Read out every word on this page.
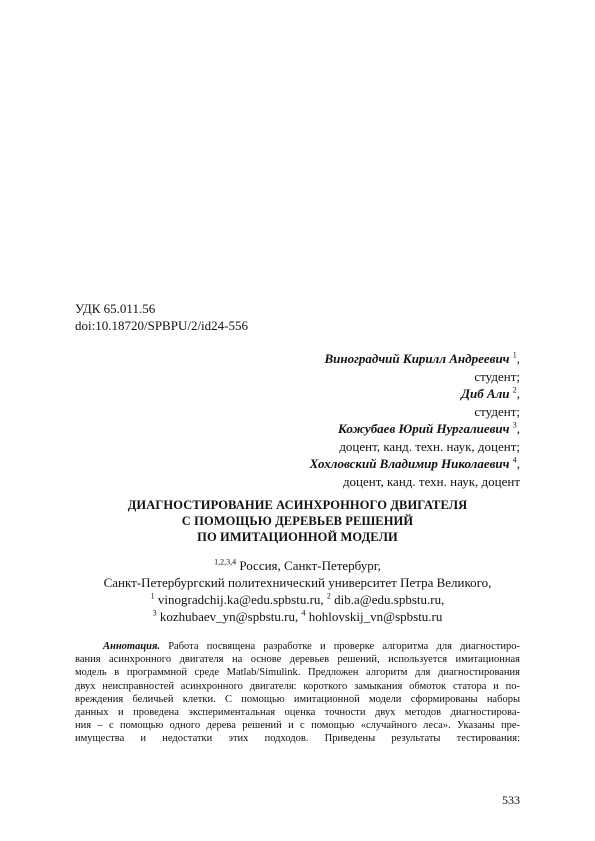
УДК 65.011.56
doi:10.18720/SPBPU/2/id24-556
Виноградчий Кирилл Андреевич $^1$,
студент;
Диб Али $^2$,
студент;
Кожубаев Юрий Нургалиевич $^3$,
доцент, канд. техн. наук, доцент;
Хохловский Владимир Николаевич $^4$,
доцент, канд. техн. наук, доцент
ДИАГНОСТИРОВАНИЕ АСИНХРОННОГО ДВИГАТЕЛЯ
С ПОМОЩЬЮ ДЕРЕВЬЕВ РЕШЕНИЙ
ПО ИМИТАЦИОННОЙ МОДЕЛИ
$^{1,2,3,4}$ Россия, Санкт-Петербург,
Санкт-Петербургский политехнический университет Петра Великого,
$^1$ vinogradchij.ka@edu.spbstu.ru, $^2$ dib.a@edu.spbstu.ru,
$^3$ kozhubaev_yn@spbstu.ru, $^4$ hohlovskij_vn@spbstu.ru
Аннотация. Работа посвящена разработке и проверке алгоритма для диагностиро-
вания асинхронного двигателя на основе деревьев решений, используется имитационная
модель в программной среде Matlab/Simulink. Предложен алгоритм для диагностирования
двух неисправностей асинхронного двигателя: короткого замыкания обмоток статора и по-
вреждения беличьей клетки. С помощью имитационной модели сформированы наборы
данных и проведена экспериментальная оценка точности двух методов диагностирова-
ния – с помощью одного дерева решений и с помощью «случайного леса». Указаны пре-
имущества и недостатки этих подходов. Приведены результаты тестирования:
533
